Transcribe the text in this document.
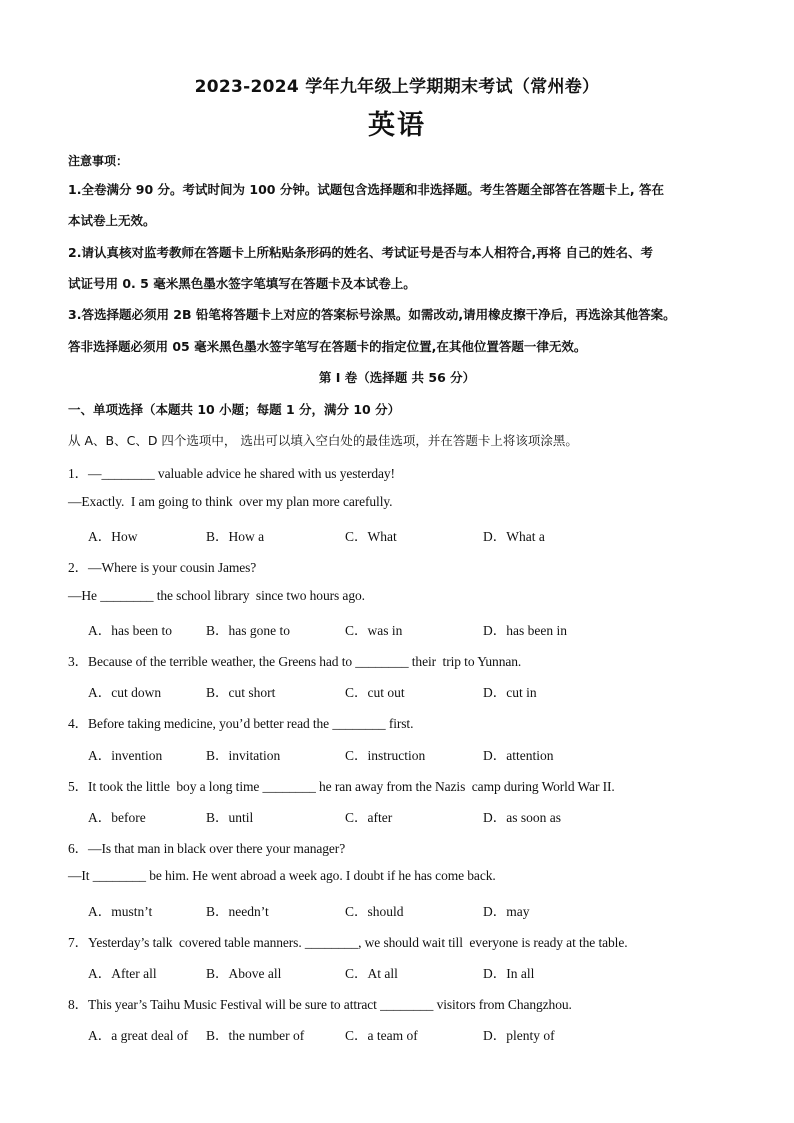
2023-2024 学年九年级上学期期末考试（常州卷）
英语
注意事项：
1.全卷满分 90 分。考试时间为 100 分钟。试题包含选择题和非选择题。考生答题全部答在答题卡上, 答在
本试卷上无效。
2.请认真核对监考教师在答题卡上所粘贴条形码的姓名、考试证号是否与本人相符合,再将 自己的姓名、考
试证号用 0. 5 毫米黑色墨水签字笔填写在答题卡及本试卷上。
3.答选择题必须用 2B 铅笔将答题卡上对应的答案标号涂黑。如需改动,请用橡皮擦干净后，再选涂其他答案。
答非选择题必须用 05 毫米黑色墨水签字笔写在答题卡的指定位置,在其他位置答题一律无效。
第 I 卷（选择题 共 56 分）
一、单项选择（本题共 10 小题；每题 1 分，满分 10 分）
从 A、B、C、D 四个选项中， 选出可以填入空白处的最佳选项，并在答题卡上将该项涂黑。
1．—________ valuable advice he shared with us yesterday!
—Exactly.  I am going to think  over my plan more carefully.
A．How	B．How a	C．What	D．What a
2．—Where is your cousin James?
—He ________ the school library  since two hours ago.
A．has been to	B．has gone to	C．was in	D．has been in
3．Because of the terrible weather, the Greens had to ________ their  trip to Yunnan.
A．cut down	B．cut short	C．cut out	D．cut in
4．Before taking medicine, you’d better read the ________ first.
A．invention	B．invitation	C．instruction	D．attention
5．It took the little  boy a long time ________ he ran away from the Nazis  camp during World War II.
A．before	B．until	C．after	D．as soon as
6．—Is that man in black over there your manager?
—It ________ be him. He went abroad a week ago. I doubt if he has come back.
A．mustn’t	B．needn’t	C．should	D．may
7．Yesterday’s talk  covered table manners. ________, we should wait till  everyone is ready at the table.
A．After all	B．Above all	C．At all	D．In all
8．This year’s Taihu Music Festival will be sure to attract ________ visitors from Changzhou.
A．a great deal of B．the number of	C．a team of	D．plenty of
